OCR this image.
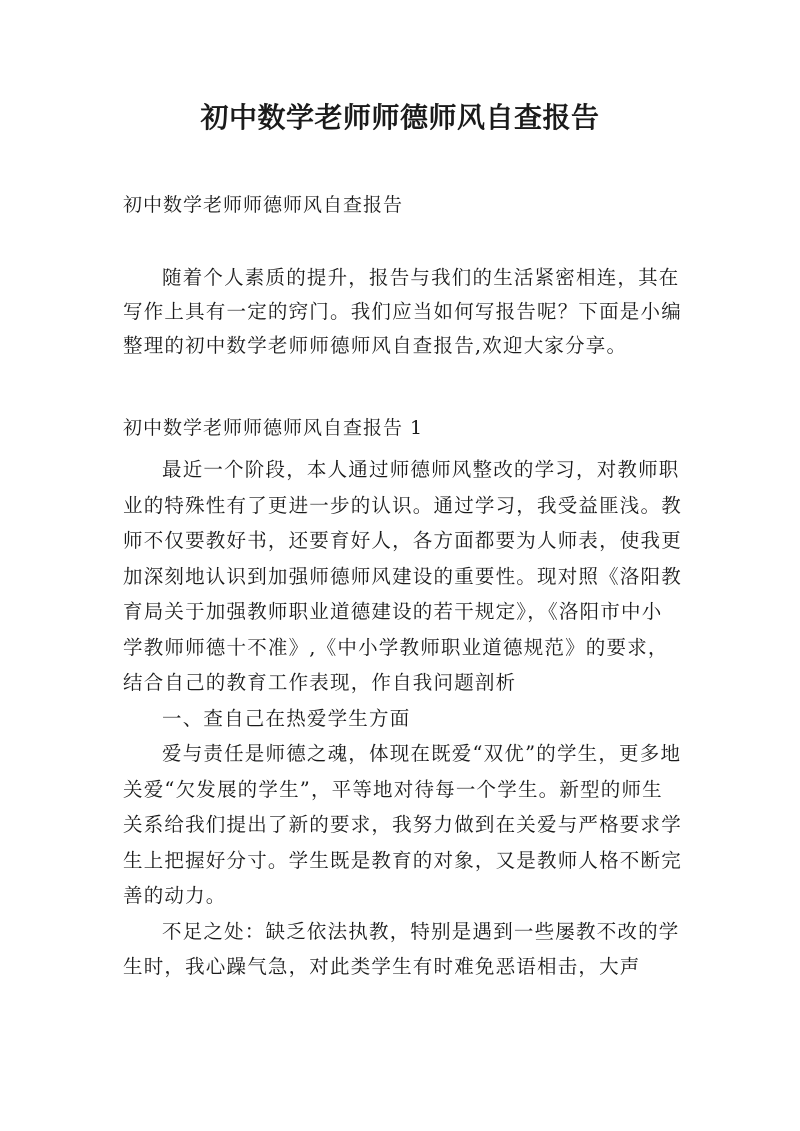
初中数学老师师德师风自查报告

初中数学老师师德师风自查报告

随着个人素质的提升，报告与我们的生活紧密相连，其在写作上具有一定的窍门。我们应当如何写报告呢？下面是小编整理的初中数学老师师德师风自查报告,欢迎大家分享。

初中数学老师师德师风自查报告 1

最近一个阶段，本人通过师德师风整改的学习，对教师职业的特殊性有了更进一步的认识。通过学习，我受益匪浅。教师不仅要教好书，还要育好人，各方面都要为人师表，使我更加深刻地认识到加强师德师风建设的重要性。现对照《洛阳教育局关于加强教师职业道德建设的若干规定》，《洛阳市中小学教师师德十不准》,《中小学教师职业道德规范》的要求，结合自己的教育工作表现，作自我问题剖析

一、查自己在热爱学生方面

爱与责任是师德之魂，体现在既爱“双优”的学生，更多地关爱“欠发展的学生”，平等地对待每一个学生。新型的师生关系给我们提出了新的要求，我努力做到在关爱与严格要求学生上把握好分寸。学生既是教育的对象，又是教师人格不断完善的动力。

不足之处：缺乏依法执教，特别是遇到一些屡教不改的学生时，我心躁气急，对此类学生有时难免恶语相击，大声
